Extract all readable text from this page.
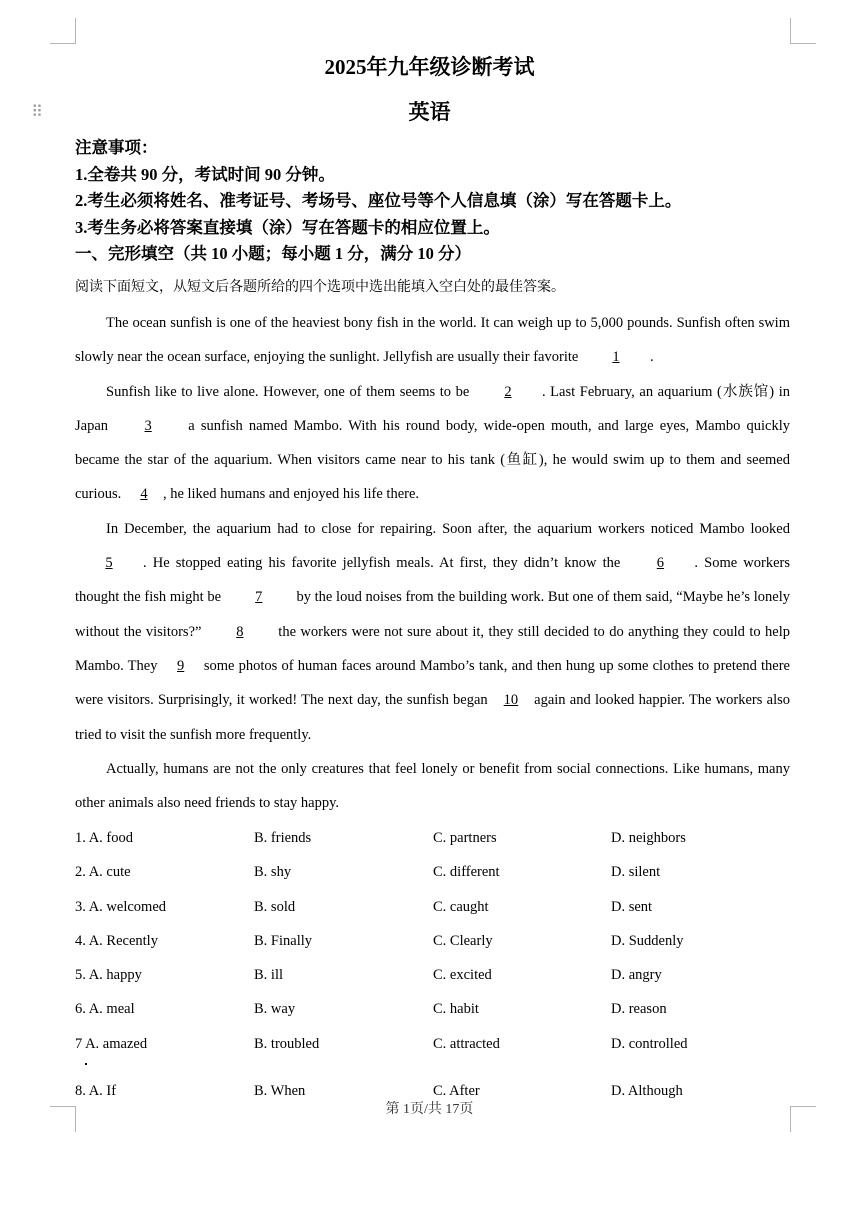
⠿
2025年九年级诊断考试
英语
注意事项：
1.全卷共 90 分，考试时间 90 分钟。
2.考生必须将姓名、准考证号、考场号、座位号等个人信息填（涂）写在答题卡上。
3.考生务必将答案直接填（涂）写在答题卡的相应位置上。
一、完形填空（共 10 小题；每小题 1 分，满分 10 分）
阅读下面短文，从短文后各题所给的四个选项中选出能填入空白处的最佳答案。

The ocean sunfish is one of the heaviest bony fish in the world. It can weigh up to 5,000 pounds. Sunfish often swim slowly near the ocean surface, enjoying the sunlight. Jellyfish are usually their favorite 1 .

Sunfish like to live alone. However, one of them seems to be 2 . Last February, an aquarium (水族馆) in Japan 3 a sunfish named Mambo. With his round body, wide-open mouth, and large eyes, Mambo quickly became the star of the aquarium. When visitors came near to his tank (鱼缸), he would swim up to them and seemed curious. 4 , he liked humans and enjoyed his life there.

In December, the aquarium had to close for repairing. Soon after, the aquarium workers noticed Mambo looked 5 . He stopped eating his favorite jellyfish meals. At first, they didn’t know the 6 . Some workers thought the fish might be 7 by the loud noises from the building work. But one of them said, “Maybe he’s lonely without the visitors?” 8 the workers were not sure about it, they still decided to do anything they could to help Mambo. They 9 some photos of human faces around Mambo’s tank, and then hung up some clothes to pretend there were visitors. Surprisingly, it worked! The next day, the sunfish began 10 again and looked happier. The workers also tried to visit the sunfish more frequently.

Actually, humans are not the only creatures that feel lonely or benefit from social connections. Like humans, many other animals also need friends to stay happy.

1. A. food	B. friends	C. partners	D. neighbors
2. A. cute	B. shy	C. different	D. silent
3. A. welcomed	B. sold	C. caught	D. sent
4. A. Recently	B. Finally	C. Clearly	D. Suddenly
5. A. happy	B. ill	C. excited	D. angry
6. A. meal	B. way	C. habit	D. reason
7 A. amazed	B. troubled	C. attracted	D. controlled
8. A. If	B. When	C. After	D. Although
第 1页/共 17页
